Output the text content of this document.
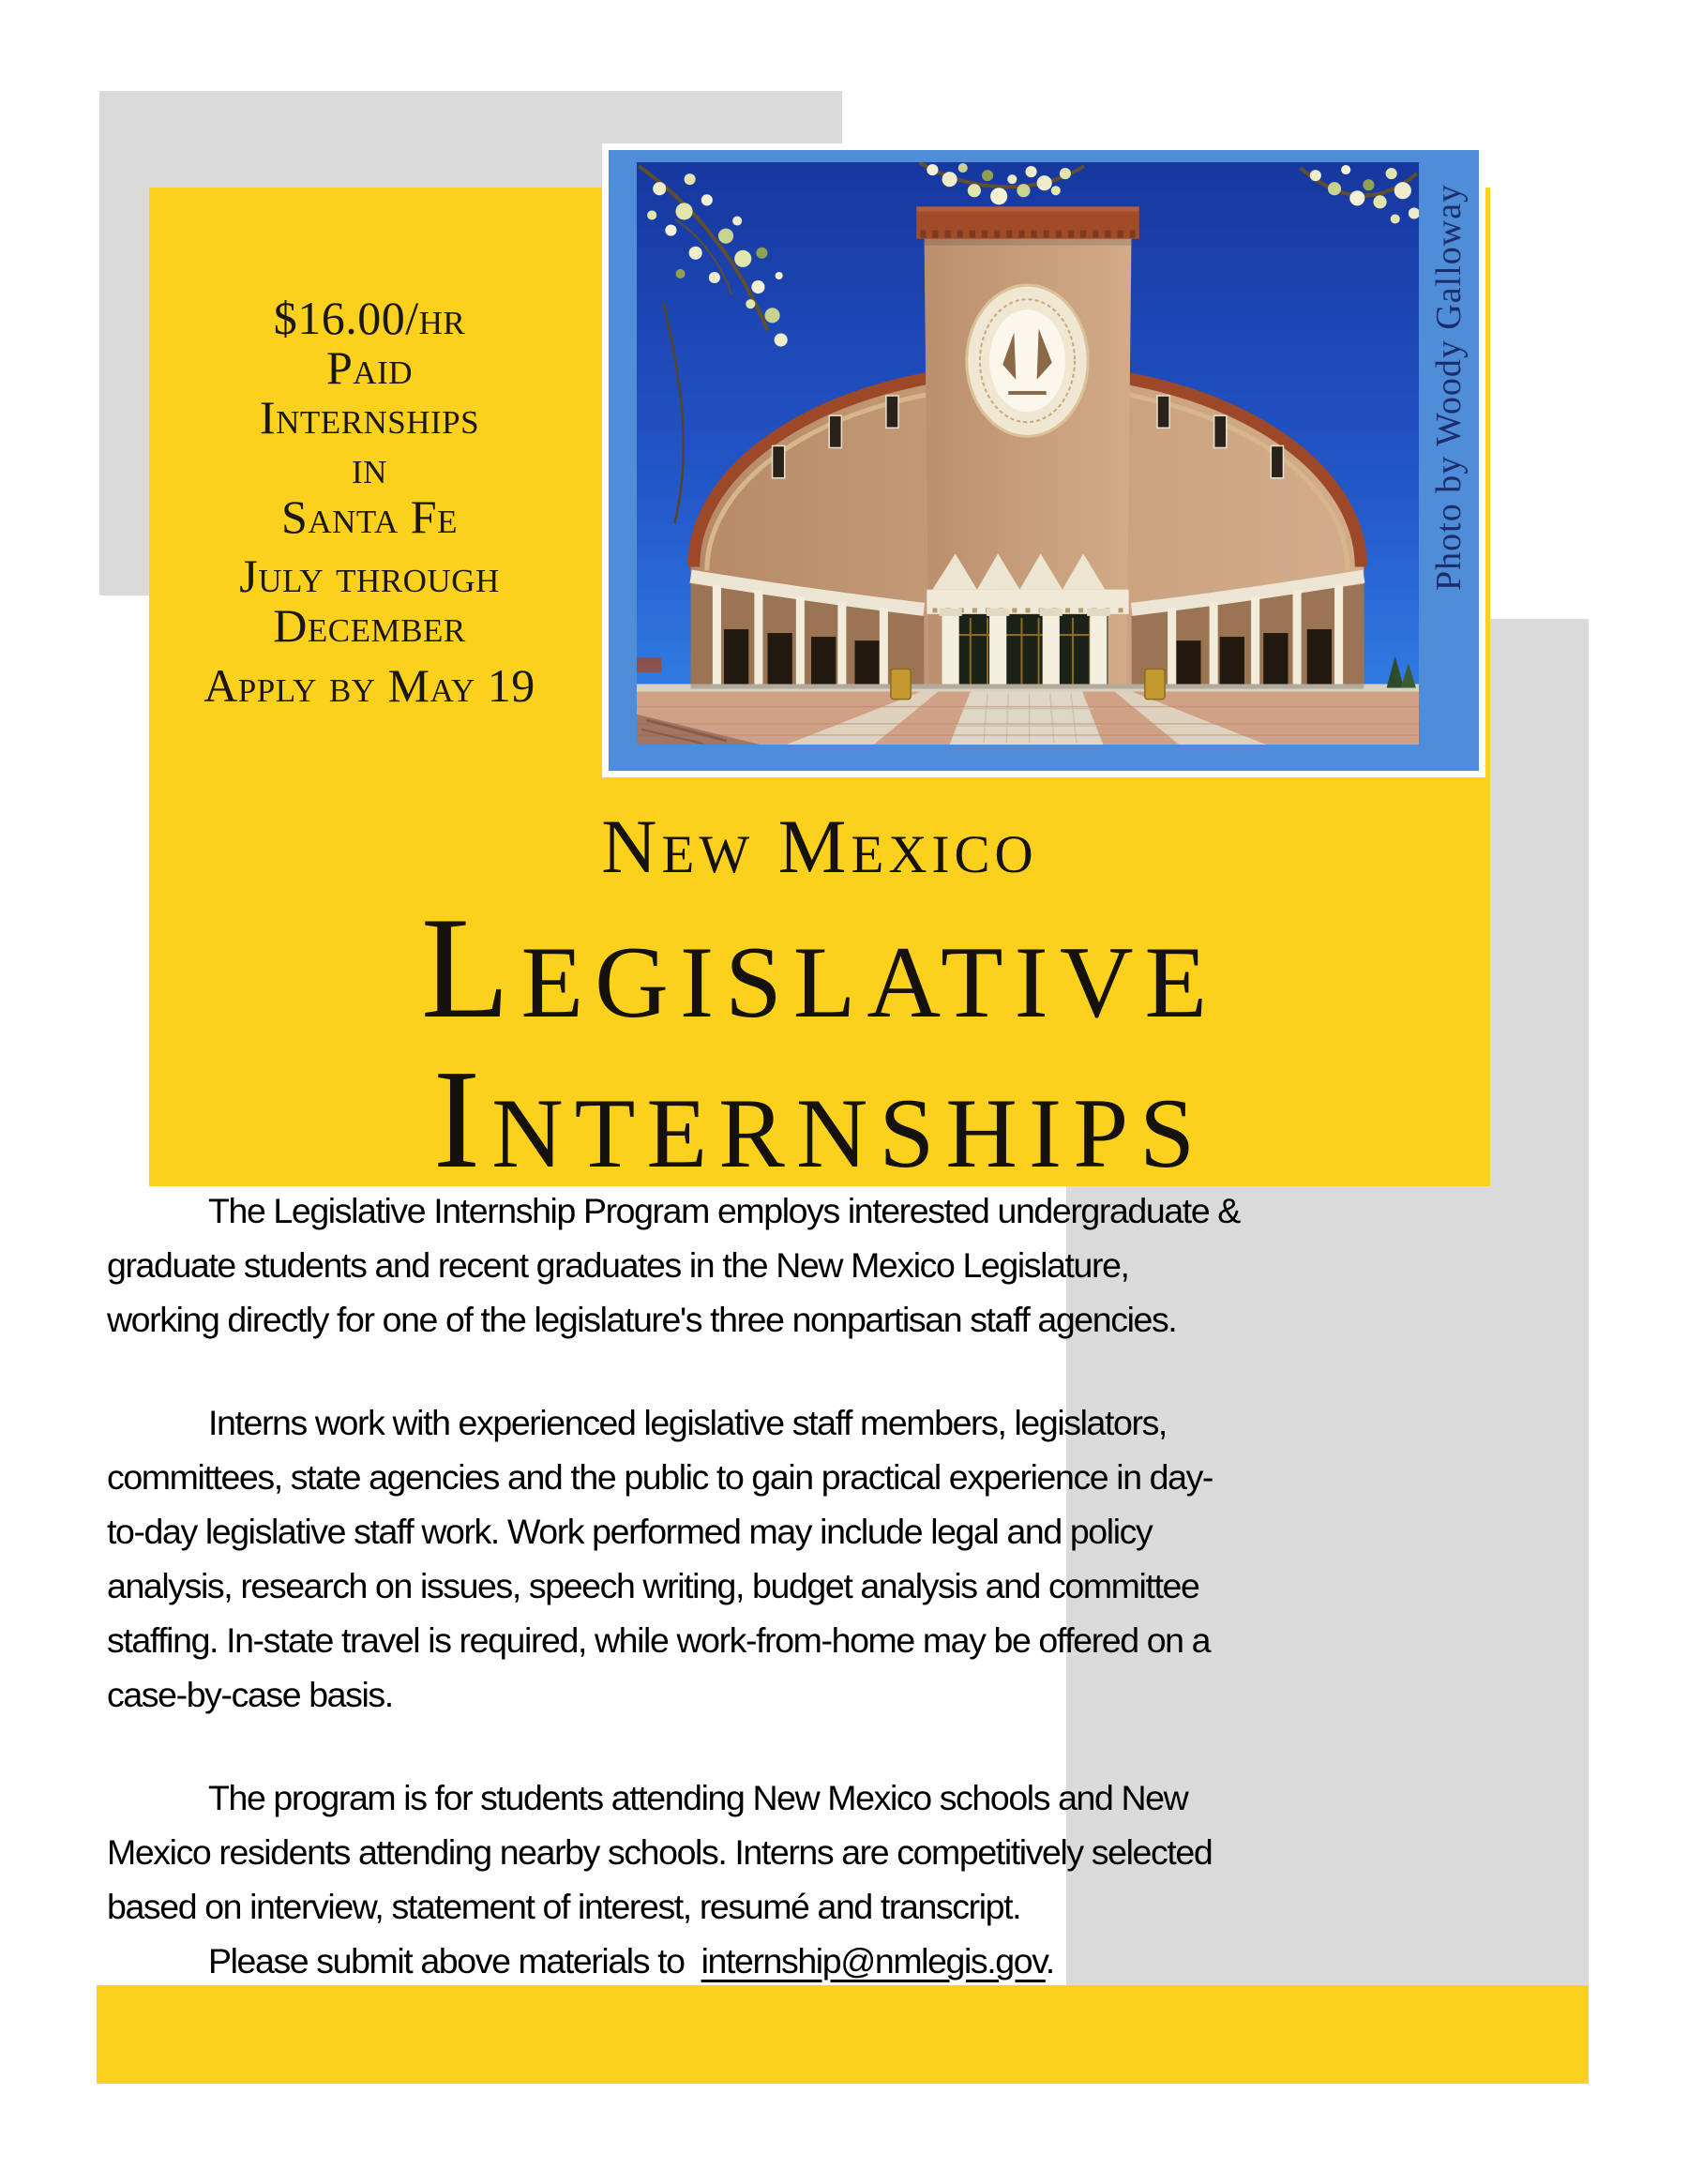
$16.00/hr
Paid
Internships
in
Santa Fe
July through
December
Apply by May 19
New Mexico
Legislative
Internships
Photo by Woody Galloway
The Legislative Internship Program employs interested undergraduate &
graduate students and recent graduates in the New Mexico Legislature,
working directly for one of the legislature's three nonpartisan staff agencies.
Interns work with experienced legislative staff members, legislators,
committees, state agencies and the public to gain practical experience in day-
to-day legislative staff work. Work performed may include legal and policy
analysis, research on issues, speech writing, budget analysis and committee
staffing. In-state travel is required, while work-from-home may be offered on a
case-by-case basis.
The program is for students attending New Mexico schools and New
Mexico residents attending nearby schools. Interns are competitively selected
based on interview, statement of interest, resumé and transcript.
Please submit above materials to  internship@nmlegis.gov.
